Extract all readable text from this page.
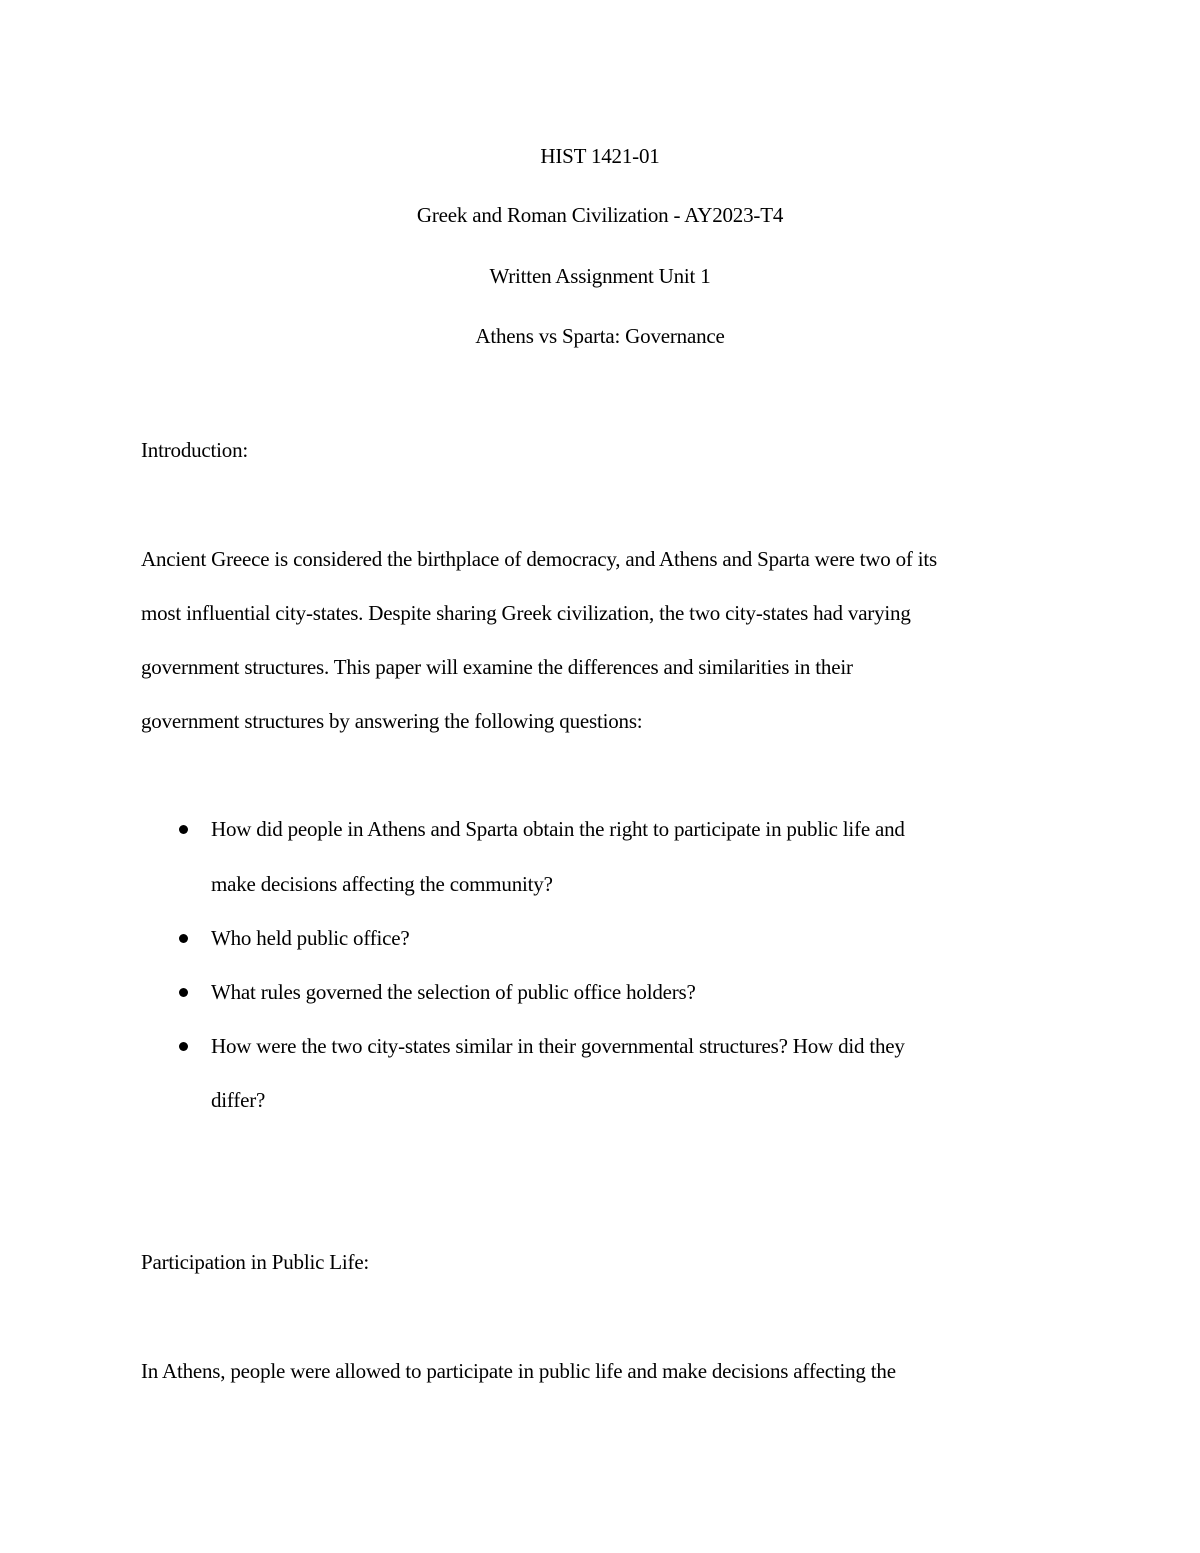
HIST 1421-01
Greek and Roman Civilization - AY2023-T4
Written Assignment Unit 1
Athens vs Sparta: Governance
Introduction:
Ancient Greece is considered the birthplace of democracy, and Athens and Sparta were two of its
most influential city-states. Despite sharing Greek civilization, the two city-states had varying
government structures. This paper will examine the differences and similarities in their
government structures by answering the following questions:
How did people in Athens and Sparta obtain the right to participate in public life and
make decisions affecting the community?
Who held public office?
What rules governed the selection of public office holders?
How were the two city-states similar in their governmental structures? How did they
differ?
Participation in Public Life:
In Athens, people were allowed to participate in public life and make decisions affecting the
